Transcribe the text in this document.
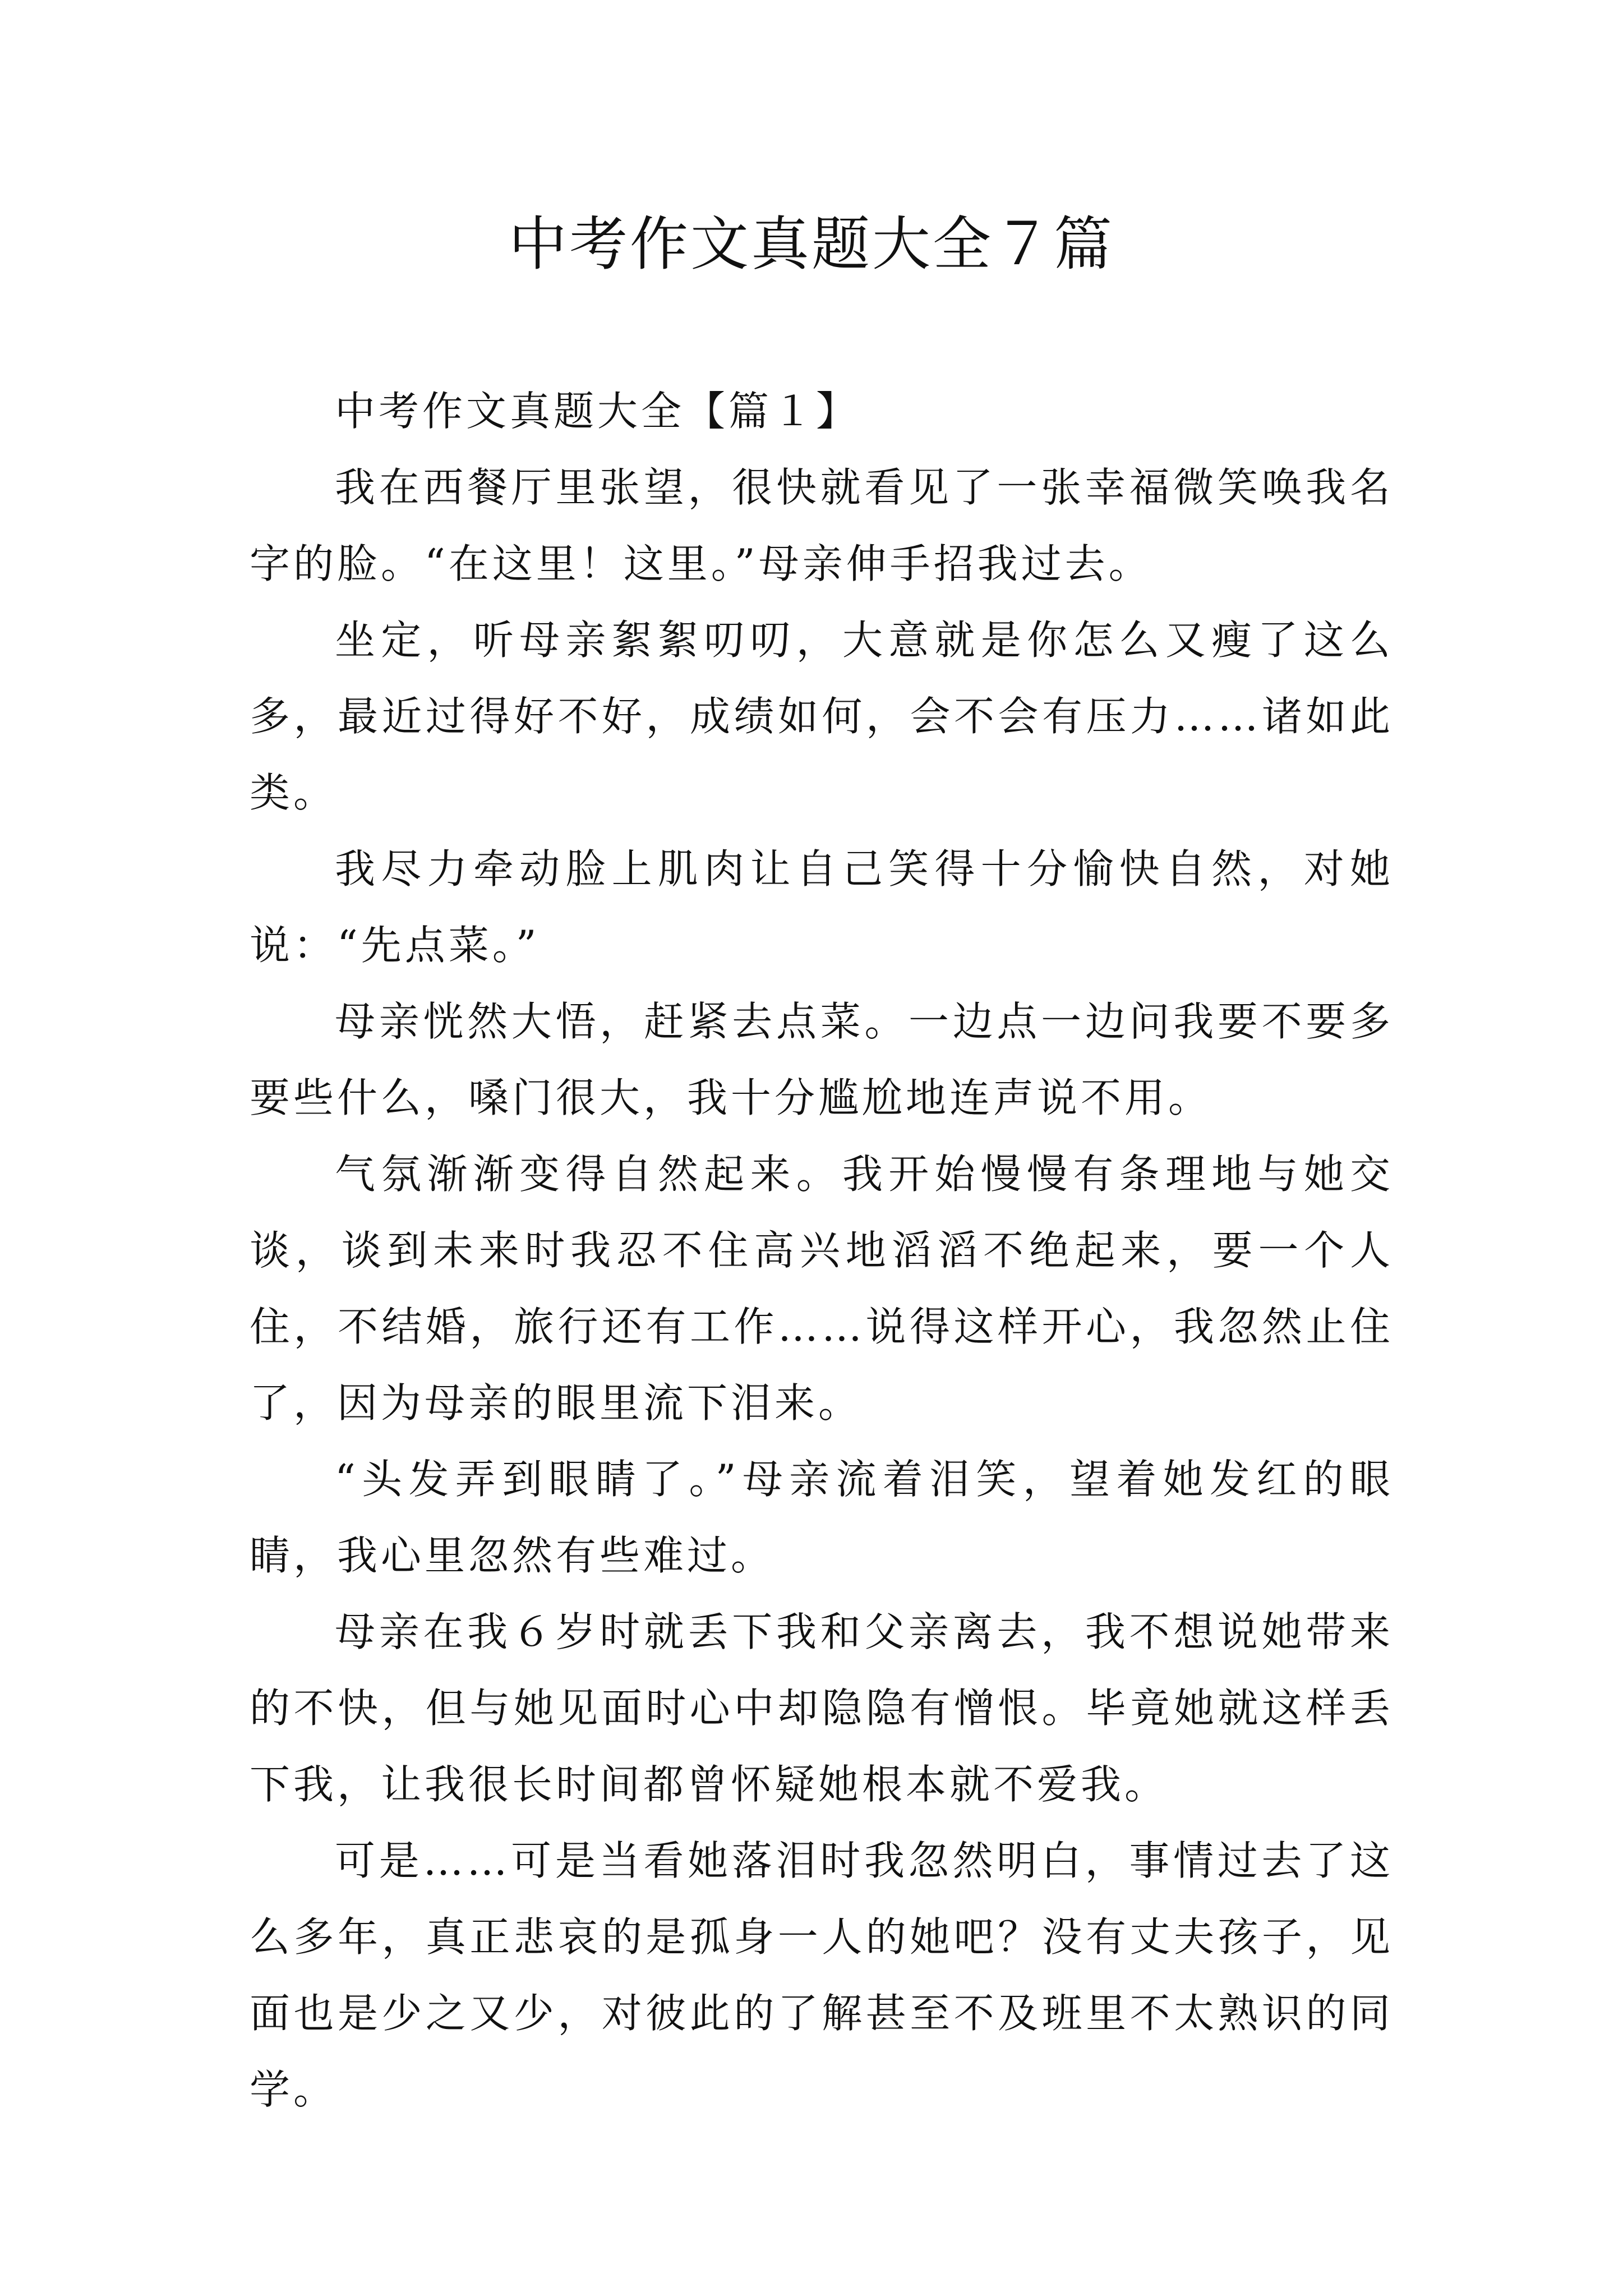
中考作文真题大全７篇

中考作文真题大全【篇１】

我在西餐厅里张望，很快就看见了一张幸福微笑唤我名字的脸。“在这里！这里。”母亲伸手招我过去。

坐定，听母亲絮絮叨叨，大意就是你怎么又瘦了这么多，最近过得好不好，成绩如何，会不会有压力……诸如此类。

我尽力牵动脸上肌肉让自己笑得十分愉快自然，对她说：“先点菜。”

母亲恍然大悟，赶紧去点菜。一边点一边问我要不要多要些什么，嗓门很大，我十分尴尬地连声说不用。

气氛渐渐变得自然起来。我开始慢慢有条理地与她交谈，谈到未来时我忍不住高兴地滔滔不绝起来，要一个人住，不结婚，旅行还有工作……说得这样开心，我忽然止住了，因为母亲的眼里流下泪来。

“头发弄到眼睛了。”母亲流着泪笑，望着她发红的眼睛，我心里忽然有些难过。

母亲在我６岁时就丢下我和父亲离去，我不想说她带来的不快，但与她见面时心中却隐隐有憎恨。毕竟她就这样丢下我，让我很长时间都曾怀疑她根本就不爱我。

可是……可是当看她落泪时我忽然明白，事情过去了这么多年，真正悲哀的是孤身一人的她吧？没有丈夫孩子，见面也是少之又少，对彼此的了解甚至不及班里不太熟识的同学。
